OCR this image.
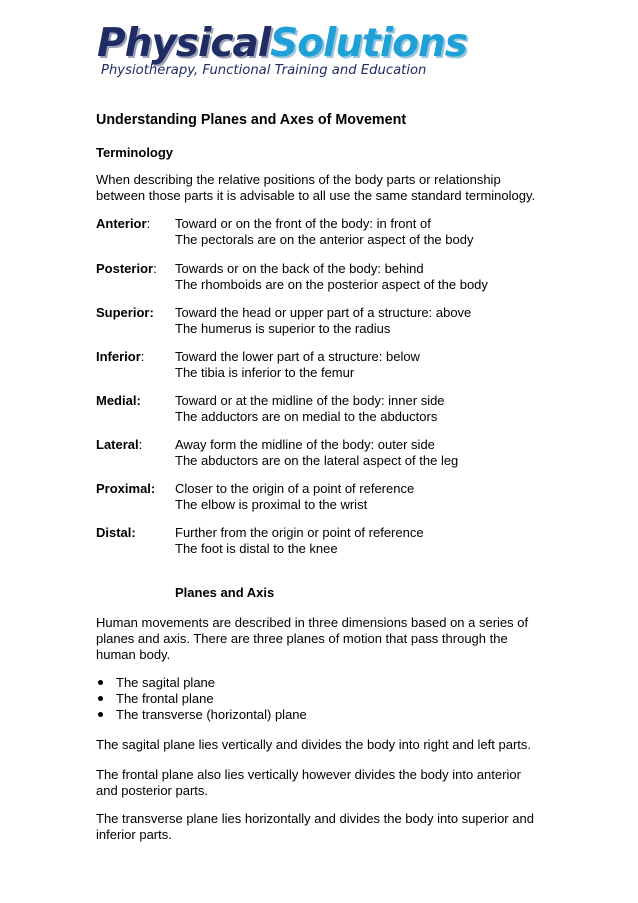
PhysicalSolutions
Physiotherapy, Functional Training and Education
Understanding Planes and Axes of Movement
Terminology
When describing the relative positions of the body parts or relationship
between those parts it is advisable to all use the same standard terminology.
Anterior: Toward or on the front of the body: in front of
The pectorals are on the anterior aspect of the body
Posterior: Towards or on the back of the body: behind
The rhomboids are on the posterior aspect of the body
Superior: Toward the head or upper part of a structure: above
The humerus is superior to the radius
Inferior: Toward the lower part of a structure: below
The tibia is inferior to the femur
Medial:	Toward or at the midline of the body: inner side
The adductors are on medial to the abductors
Lateral:	Away form the midline of the body: outer side
The abductors are on the lateral aspect of the leg
Proximal: Closer to the origin of a point of reference
The elbow is proximal to the wrist
Distal:	Further from the origin or point of reference
The foot is distal to the knee
Planes and Axis
Human movements are described in three dimensions based on a series of
planes and axis. There are three planes of motion that pass through the
human body.
The sagital plane
The frontal plane
The transverse (horizontal) plane
The sagital plane lies vertically and divides the body into right and left parts.
The frontal plane also lies vertically however divides the body into anterior
and posterior parts.
The transverse plane lies horizontally and divides the body into superior and
inferior parts.
